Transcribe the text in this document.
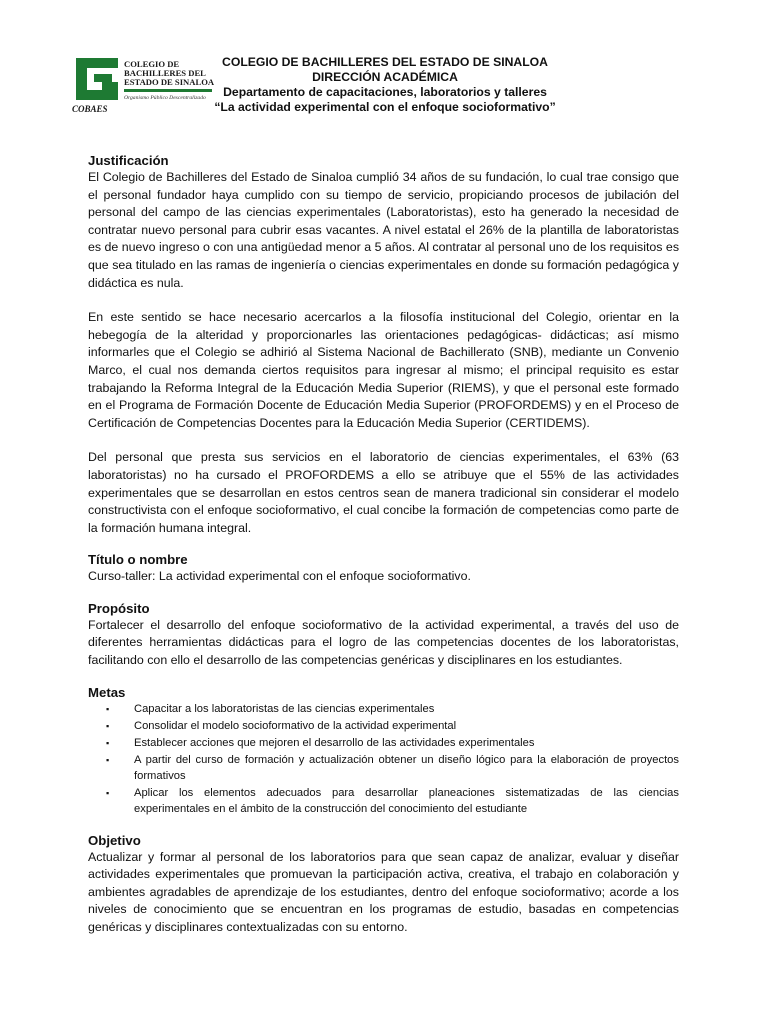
COLEGIO DE
BACHILLERES DEL
ESTADO DE SINALOA
Organismo Público Descentralizado
COBAES
COLEGIO DE BACHILLERES DEL ESTADO DE SINALOA
DIRECCIÓN ACADÉMICA
Departamento de capacitaciones, laboratorios y talleres
“La actividad experimental con el enfoque socioformativo”

Justificación

El Colegio de Bachilleres del Estado de Sinaloa cumplió 34 años de su fundación, lo cual trae consigo que el personal fundador haya cumplido con su tiempo de servicio, propiciando procesos de jubilación del personal del campo de las ciencias experimentales (Laboratoristas), esto ha generado la necesidad de contratar nuevo personal para cubrir esas vacantes. A nivel estatal el 26% de la plantilla de laboratoristas es de nuevo ingreso o con una antigüedad menor a 5 años. Al contratar al personal uno de los requisitos es que sea titulado en las ramas de ingeniería o ciencias experimentales en donde su formación pedagógica y didáctica es nula.

En este sentido se hace necesario acercarlos a la filosofía institucional del Colegio, orientar en la hebegogía de la alteridad y proporcionarles las orientaciones pedagógicas- didácticas; así mismo informarles que el Colegio se adhirió al Sistema Nacional de Bachillerato (SNB), mediante un Convenio Marco, el cual nos demanda ciertos requisitos para ingresar al mismo; el principal requisito es estar trabajando la Reforma Integral de la Educación Media Superior (RIEMS), y que el personal este formado en el Programa de Formación Docente de Educación Media Superior (PROFORDEMS) y en el Proceso de Certificación de Competencias Docentes para la Educación Media Superior (CERTIDEMS).

Del personal que presta sus servicios en el laboratorio de ciencias experimentales, el 63% (63 laboratoristas) no ha cursado el PROFORDEMS a ello se atribuye que el 55% de las actividades experimentales que se desarrollan en estos centros sean de manera tradicional sin considerar el modelo constructivista con el enfoque socioformativo, el cual concibe la formación de competencias como parte de la formación humana integral.

Título o nombre

Curso-taller: La actividad experimental con el enfoque socioformativo.

Propósito

Fortalecer el desarrollo del enfoque socioformativo de la actividad experimental, a través del uso de diferentes herramientas didácticas para el logro de las competencias docentes de los laboratoristas, facilitando con ello el desarrollo de las competencias genéricas y disciplinares en los estudiantes.

Metas

▪ Capacitar a los laboratoristas de las ciencias experimentales
▪ Consolidar el modelo socioformativo de la actividad experimental
▪ Establecer acciones que mejoren el desarrollo de las actividades experimentales
▪ A partir del curso de formación y actualización obtener un diseño lógico para la elaboración de proyectos formativos
▪ Aplicar los elementos adecuados para desarrollar planeaciones sistematizadas de las ciencias experimentales en el ámbito de la construcción del conocimiento del estudiante

Objetivo

Actualizar y formar al personal de los laboratorios para que sean capaz de analizar, evaluar y diseñar actividades experimentales que promuevan la participación activa, creativa, el trabajo en colaboración y ambientes agradables de aprendizaje de los estudiantes, dentro del enfoque socioformativo; acorde a los niveles de conocimiento que se encuentran en los programas de estudio, basadas en competencias genéricas y disciplinares contextualizadas con su entorno.
